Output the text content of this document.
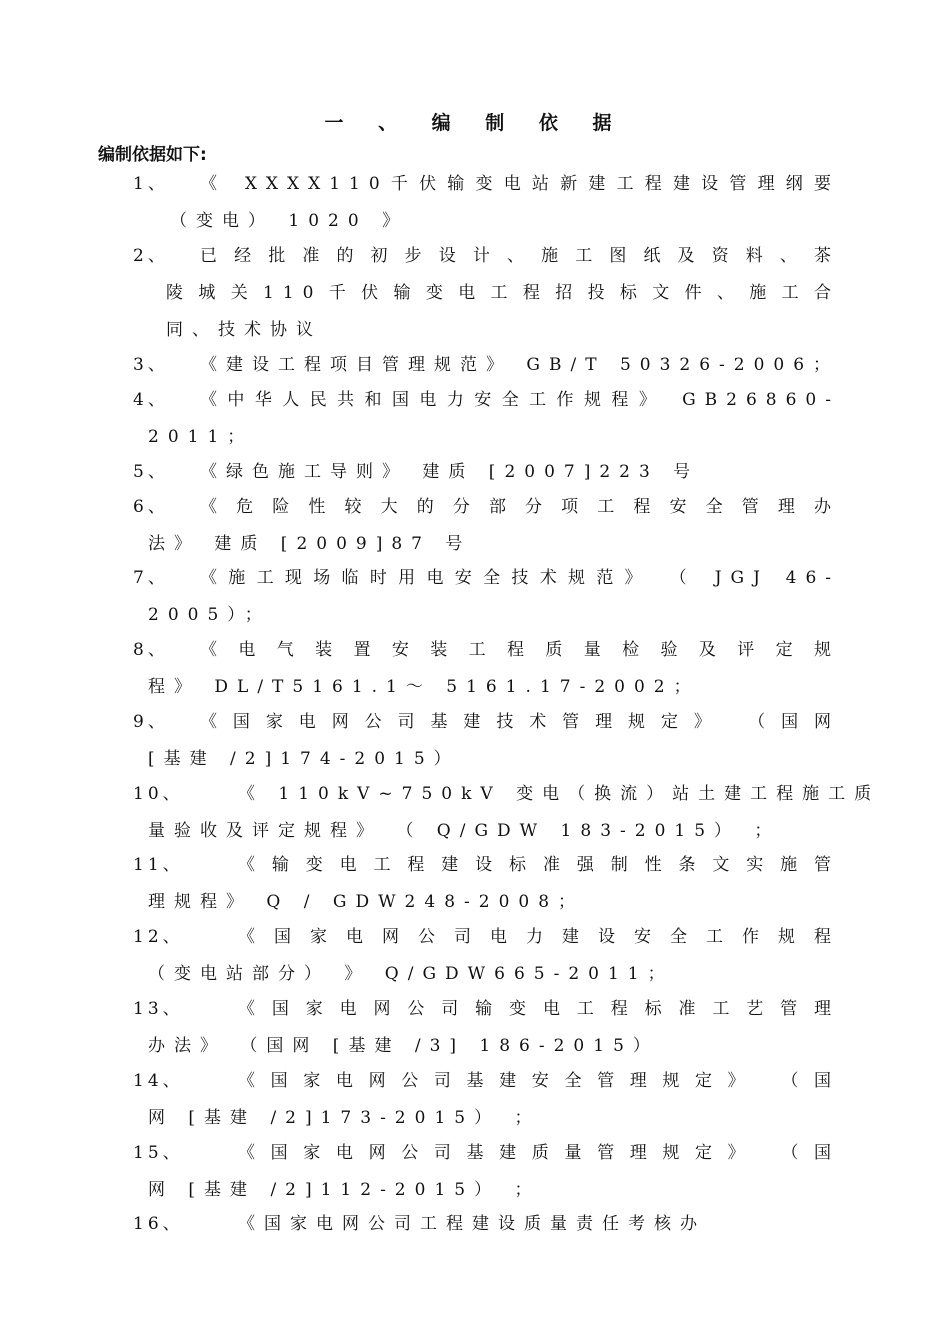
一 、 编 制 依 据
编制依据如下:
1、 《 XXXX110千伏输变电站新建工程建设管理纲要
（变电） 1020 》
2、 已经批准的初步设计、施工图纸及资料、茶
陵城关110千伏输变电工程招投标文件、施工合
同、技术协议
3、 《建设工程项目管理规范》 GB/T 50326-2006；
4、 《中华人民共和国电力安全工作规程》 GB26860-
2011；
5、 《绿色施工导则》 建质 [2007]223 号
6、 《危险性较大的分部分项工程安全管理办
法》 建质 [2009]87 号
7、 《施工现场临时用电安全技术规范》 （ JGJ 46-
2005）；
8、 《电气装置安装工程质量检验及评定规
程》 DL/T5161.1～ 5161.17-2002；
9、 《国家电网公司基建技术管理规定》 （国网
[基建 /2]174-2015）
10、	《 110kV~750kV 变电（换流）站土建工程施工质
量验收及评定规程》 （ Q/GDW 183-2015） ；
11、	《输变电工程建设标准强制性条文实施管
理规程》 Q / GDW248-2008；
12、	《国家电网公司电力建设安全工作规程
（变电站部分） 》 Q/GDW665-2011；
13、	《国家电网公司输变电工程标准工艺管理
办法》 （国网 [基建 /3] 186-2015）
14、	《国家电网公司基建安全管理规定》 （国
网 [基建 /2]173-2015） ；
15、	《国家电网公司基建质量管理规定》 （国
网 [基建 /2]112-2015） ；
16、	《国家电网公司工程建设质量责任考核办
